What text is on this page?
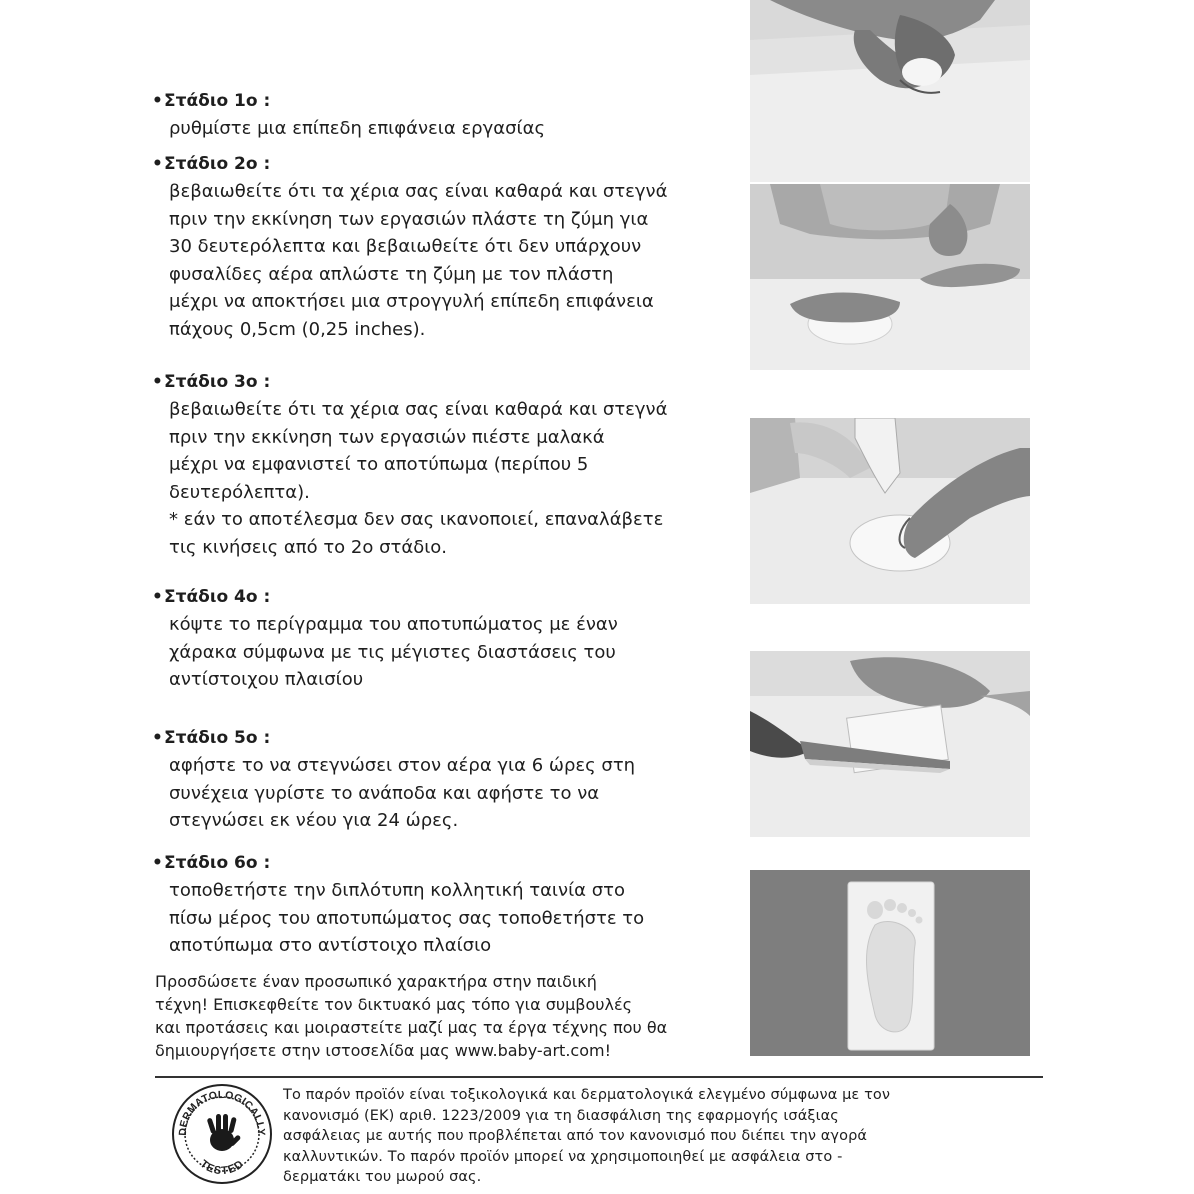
•Στάδιο 1ο :
ρυθμίστε μια επίπεδη επιφάνεια εργασίας
•Στάδιο 2ο :
βεβαιωθείτε ότι τα χέρια σας είναι καθαρά και στεγνά
πριν την εκκίνηση των εργασιών πλάστε τη ζύμη για
30 δευτερόλεπτα και βεβαιωθείτε ότι δεν υπάρχουν
φυσαλίδες αέρα απλώστε τη ζύμη με τον πλάστη
μέχρι να αποκτήσει μια στρογγυλή επίπεδη επιφάνεια
πάχους 0,5cm (0,25 inches).
•Στάδιο 3ο :
βεβαιωθείτε ότι τα χέρια σας είναι καθαρά και στεγνά
πριν την εκκίνηση των εργασιών πιέστε μαλακά
μέχρι να εμφανιστεί το αποτύπωμα (περίπου 5
δευτερόλεπτα).
* εάν το αποτέλεσμα δεν σας ικανοποιεί, επαναλάβετε
τις κινήσεις από το 2ο στάδιο.
•Στάδιο 4ο :
κόψτε το περίγραμμα του αποτυπώματος με έναν
χάρακα σύμφωνα με τις μέγιστες διαστάσεις του
αντίστοιχου πλαισίου
•Στάδιο 5ο :
αφήστε το να στεγνώσει στον αέρα για 6 ώρες στη
συνέχεια γυρίστε το ανάποδα και αφήστε το να
στεγνώσει εκ νέου για 24 ώρες.
•Στάδιο 6ο :
τοποθετήστε την διπλότυπη κολλητική ταινία στο
πίσω μέρος του αποτυπώματος σας τοποθετήστε το
αποτύπωμα στο αντίστοιχο πλαίσιο
Προσδώσετε έναν προσωπικό χαρακτήρα στην παιδική
τέχνη! Επισκεφθείτε τον δικτυακό μας τόπο για συμβουλές
και προτάσεις και μοιραστείτε μαζί μας τα έργα τέχνης που θα
δημιουργήσετε στην ιστοσελίδα μας www.baby-art.com!
DERMATOLOGICALLY
TESTED
Το παρόν προϊόν είναι τοξικολογικά και δερματολογικά ελεγμένο σύμφωνα με τον
κανονισμό (ΕΚ) αριθ. 1223/2009 για τη διασφάλιση της εφαρμογής ισάξιας
ασφάλειας με αυτής που προβλέπεται από τον κανονισμό που διέπει την αγορά
καλλυντικών. Το παρόν προϊόν μπορεί να χρησιμοποιηθεί με ασφάλεια στο -
δερματάκι του μωρού σας.
